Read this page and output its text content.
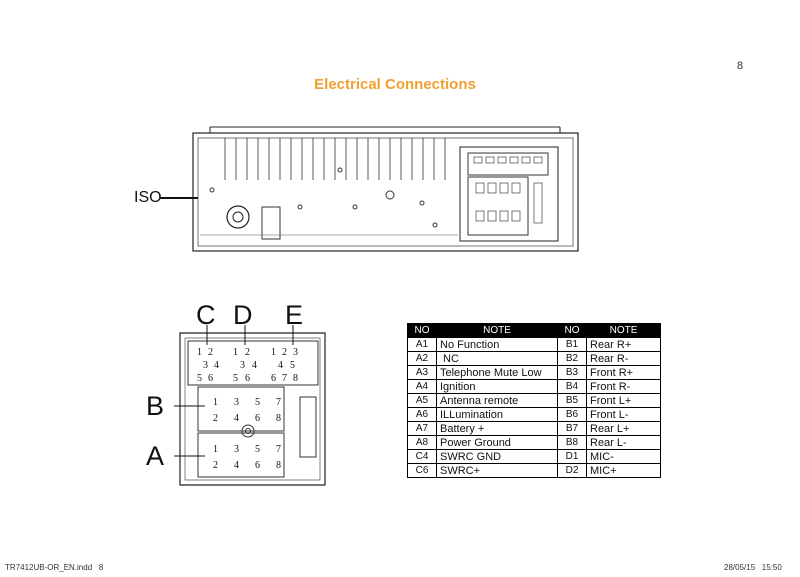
8
Electrical Connections
ISO
C D E
B
A
1 2
3 4
5 6
1 2
3 4
5 6
1 2 3
4 5
6 7 8
1
2
3
4
5
6
7
8
1
2
3
4
5
6
7
8
NO	NOTE	NO	NOTE
A1	No Function	B1	Rear R+
A2	NC	B2	Rear R-
A3	Telephone Mute Low	B3	Front R+
A4	Ignition	B4	Front R-
A5	Antenna remote	B5	Front L+
A6	ILLumination	B6	Front L-
A7	Battery +	B7	Rear L+
A8	Power Ground	B8	Rear L-
C4	SWRC GND	D1	MIC-
C6	SWRC+	D2	MIC+
TR7412UB-OR_EN.indd   8	28/05/15   15:50
